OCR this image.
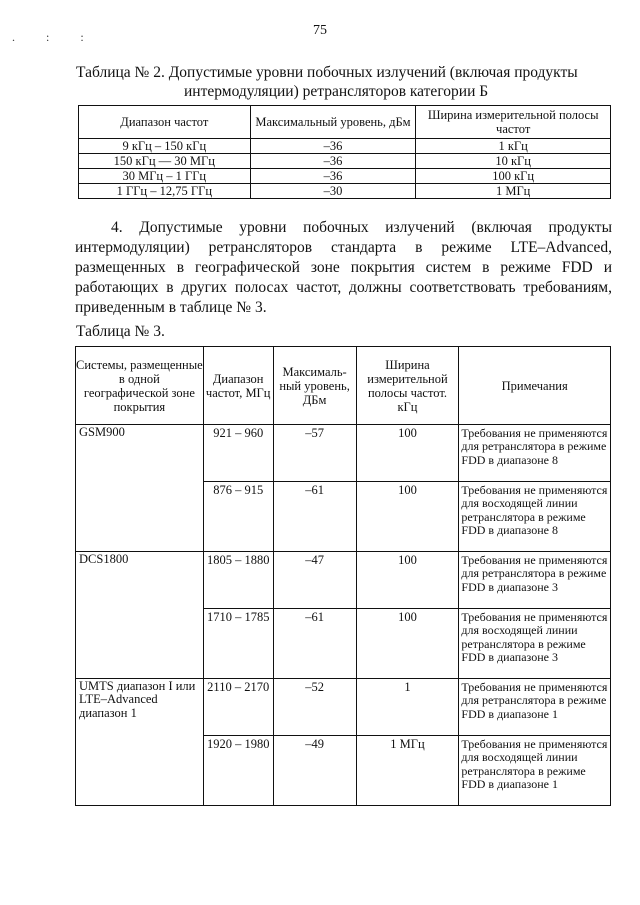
. : :	75
Таблица № 2. Допустимые уровни побочных излучений (включая продукты
интермодуляции) ретрансляторов категории Б
Диапазон частот	Максимальный уровень, дБм	Ширина измерительной полосы частот
9 кГц – 150 кГц	–36	1 кГц
150 кГц — 30 МГц	–36	10 кГц
30 МГц – 1 ГГц	–36	100 кГц
1 ГГц – 12,75 ГГц	–30	1 МГц

4. Допустимые уровни побочных излучений (включая продукты интермодуляции) ретрансляторов стандарта в режиме LTE–Advanced, размещенных в географической зоне покрытия систем в режиме FDD и работающих в других полосах частот, должны соответствовать требованиям, приведенным в таблице № 3.

Таблица № 3.
Системы, размещенные в одной географической зоне покрытия	Диапазон частот, МГц	Максималь-ный уровень, ДБм	Ширина измерительной полосы частот. кГц	Примечания
GSM900	921 – 960	–57	100	Требования не применяются для ретранслятора в режиме FDD в диапазоне 8
	876 – 915	–61	100	Требования не применяются для восходящей линии ретранслятора в режиме FDD в диапазоне 8
DCS1800	1805 – 1880	–47	100	Требования не применяются для ретранслятора в режиме FDD в диапазоне 3
	1710 – 1785	–61	100	Требования не применяются для восходящей линии ретранслятора в режиме FDD в диапазоне 3
UMTS диапазон I или LTE–Advanced диапазон 1	2110 – 2170	–52	1	Требования не применяются для ретранслятора в режиме FDD в диапазоне 1
	1920 – 1980	–49	1 МГц	Требования не применяются для восходящей линии ретранслятора в режиме FDD в диапазоне 1
